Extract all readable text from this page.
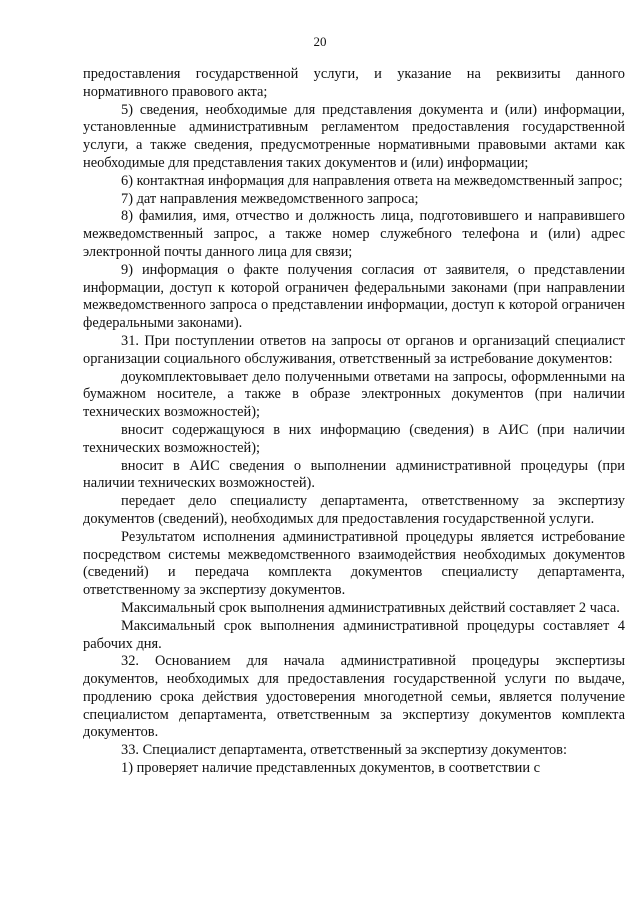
20

предоставления государственной услуги, и указание на реквизиты данного нормативного правового акта;

5) сведения, необходимые для представления документа и (или) информации, установленные административным регламентом предоставления государственной услуги, а также сведения, предусмотренные нормативными правовыми актами как необходимые для представления таких документов и (или) информации;

6) контактная информация для направления ответа на межведомственный запрос;

7) дат направления межведомственного запроса;

8) фамилия, имя, отчество и должность лица, подготовившего и направившего межведомственный запрос, а также номер служебного телефона и (или) адрес электронной почты данного лица для связи;

9) информация о факте получения согласия от заявителя, о представлении информации, доступ к которой ограничен федеральными законами (при направлении межведомственного запроса о представлении информации, доступ к которой ограничен федеральными законами).

31. При поступлении ответов на запросы от органов и организаций специалист организации социального обслуживания, ответственный за истребование документов:

доукомплектовывает дело полученными ответами на запросы, оформленными на бумажном носителе, а также в образе электронных документов (при наличии технических возможностей);

вносит содержащуюся в них информацию (сведения) в АИС (при наличии технических возможностей);

вносит в АИС сведения о выполнении административной процедуры (при наличии технических возможностей).

передает дело специалисту департамента, ответственному за экспертизу документов (сведений), необходимых для предоставления государственной услуги.

Результатом исполнения административной процедуры является истребование посредством системы межведомственного взаимодействия необходимых документов (сведений) и передача комплекта документов специалисту департамента, ответственному за экспертизу документов.

Максимальный срок выполнения административных действий составляет 2 часа.

Максимальный срок выполнения административной процедуры составляет 4 рабочих дня.

32. Основанием для начала административной процедуры экспертизы документов, необходимых для предоставления государственной услуги по выдаче, продлению срока действия удостоверения многодетной семьи, является получение специалистом департамента, ответственным за экспертизу документов комплекта документов.

33. Специалист департамента, ответственный за экспертизу документов:

1) проверяет наличие представленных документов, в соответствии с
